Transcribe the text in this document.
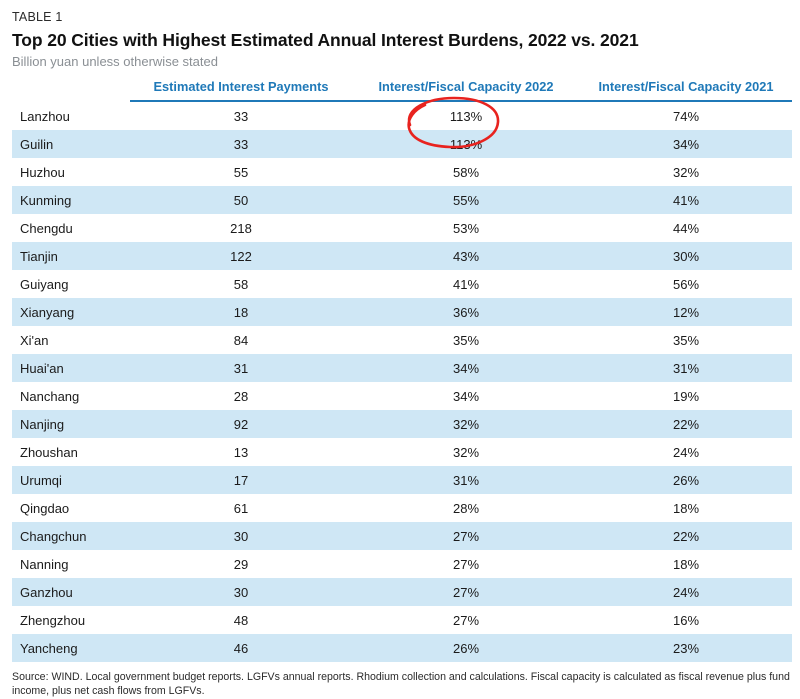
TABLE 1
Top 20 Cities with Highest Estimated Annual Interest Burdens, 2022 vs. 2021
Billion yuan unless otherwise stated
	Estimated Interest Payments	Interest/Fiscal Capacity 2022	Interest/Fiscal Capacity 2021
Lanzhou	33	113%	74%
Guilin	33	113%	34%
Huzhou	55	58%	32%
Kunming	50	55%	41%
Chengdu	218	53%	44%
Tianjin	122	43%	30%
Guiyang	58	41%	56%
Xianyang	18	36%	12%
Xi'an	84	35%	35%
Huai'an	31	34%	31%
Nanchang	28	34%	19%
Nanjing	92	32%	22%
Zhoushan	13	32%	24%
Urumqi	17	31%	26%
Qingdao	61	28%	18%
Changchun	30	27%	22%
Nanning	29	27%	18%
Ganzhou	30	27%	24%
Zhengzhou	48	27%	16%
Yancheng	46	26%	23%
Source: WIND. Local government budget reports. LGFVs annual reports. Rhodium collection and calculations. Fiscal capacity is calculated as fiscal revenue plus fund income, plus net cash flows from LGFVs.
